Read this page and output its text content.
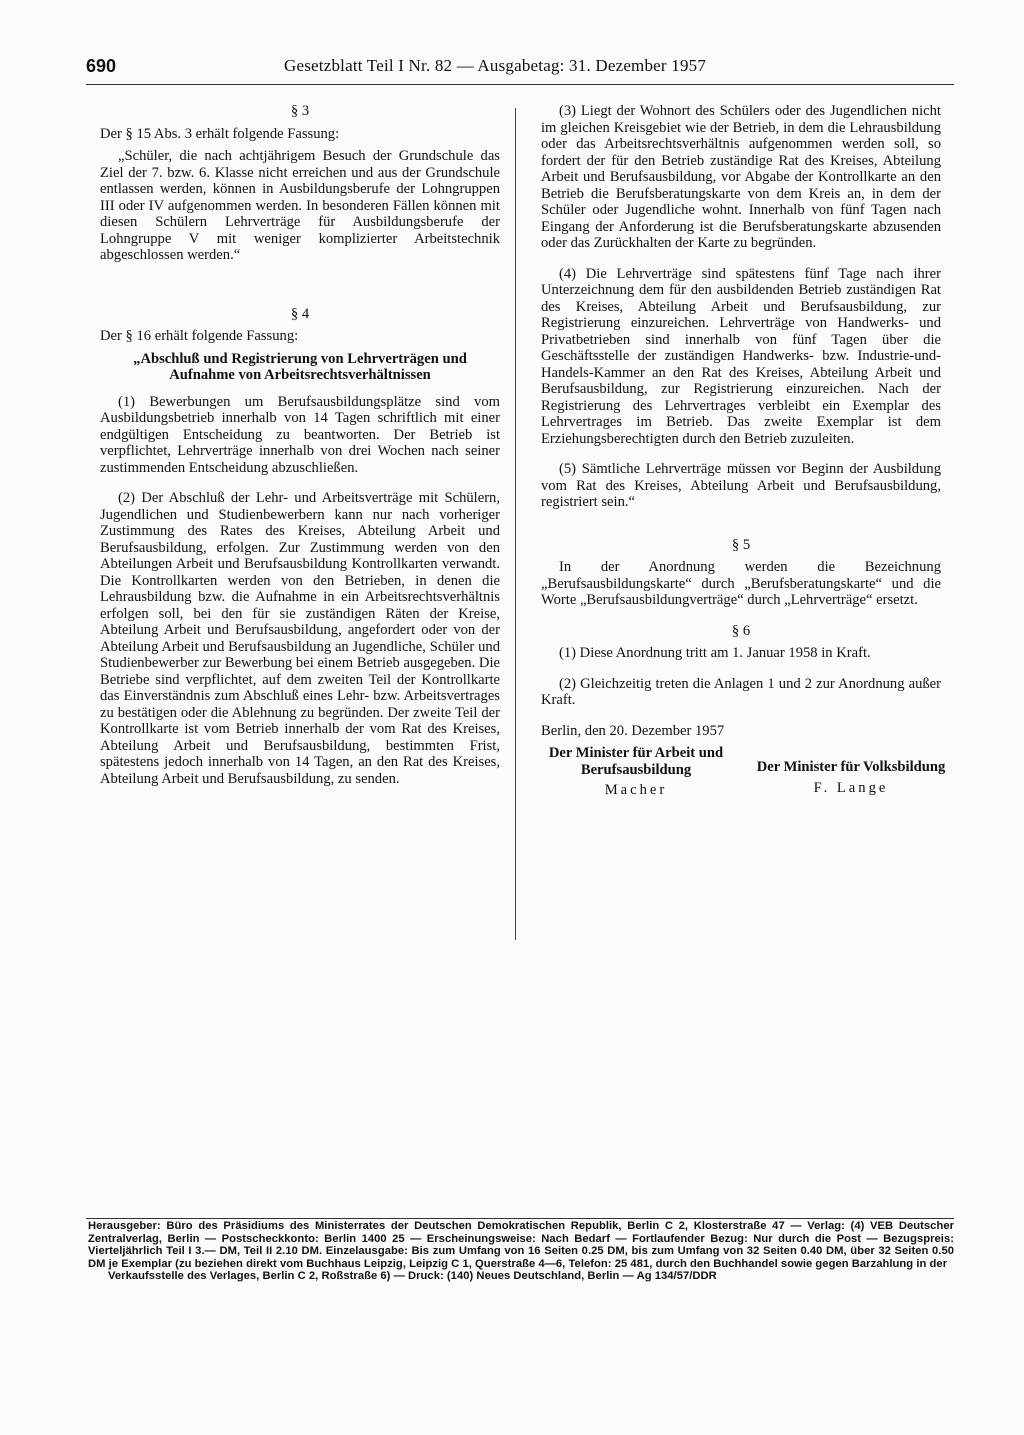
690	Gesetzblatt Teil I Nr. 82 — Ausgabetag: 31. Dezember 1957

§ 3

Der § 15 Abs. 3 erhält folgende Fassung:

„Schüler, die nach achtjährigem Besuch der Grundschule das Ziel der 7. bzw. 6. Klasse nicht erreichen und aus der Grundschule entlassen werden, können in Ausbildungsberufe der Lohngruppen III oder IV aufgenommen werden. In besonderen Fällen können mit diesen Schülern Lehrverträge für Ausbildungsberufe der Lohngruppe V mit weniger komplizierter Arbeitstechnik abgeschlossen werden.“

§ 4

Der § 16 erhält folgende Fassung:

„Abschluß und Registrierung von Lehrverträgen und Aufnahme von Arbeitsrechtsverhältnissen

(1) Bewerbungen um Berufsausbildungsplätze sind vom Ausbildungsbetrieb innerhalb von 14 Tagen schriftlich mit einer endgültigen Entscheidung zu beantworten. Der Betrieb ist verpflichtet, Lehrverträge innerhalb von drei Wochen nach seiner zustimmenden Entscheidung abzuschließen.

(2) Der Abschluß der Lehr- und Arbeitsverträge mit Schülern, Jugendlichen und Studienbewerbern kann nur nach vorheriger Zustimmung des Rates des Kreises, Abteilung Arbeit und Berufsausbildung, erfolgen. Zur Zustimmung werden von den Abteilungen Arbeit und Berufsausbildung Kontrollkarten verwandt. Die Kontrollkarten werden von den Betrieben, in denen die Lehrausbildung bzw. die Aufnahme in ein Arbeitsrechtsverhältnis erfolgen soll, bei den für sie zuständigen Räten der Kreise, Abteilung Arbeit und Berufsausbildung, angefordert oder von der Abteilung Arbeit und Berufsausbildung an Jugendliche, Schüler und Studienbewerber zur Bewerbung bei einem Betrieb ausgegeben. Die Betriebe sind verpflichtet, auf dem zweiten Teil der Kontrollkarte das Einverständnis zum Abschluß eines Lehr- bzw. Arbeitsvertrages zu bestätigen oder die Ablehnung zu begründen. Der zweite Teil der Kontrollkarte ist vom Betrieb innerhalb der vom Rat des Kreises, Abteilung Arbeit und Berufsausbildung, bestimmten Frist, spätestens jedoch innerhalb von 14 Tagen, an den Rat des Kreises, Abteilung Arbeit und Berufsausbildung, zu senden.

(3) Liegt der Wohnort des Schülers oder des Jugendlichen nicht im gleichen Kreisgebiet wie der Betrieb, in dem die Lehrausbildung oder das Arbeitsrechtsverhältnis aufgenommen werden soll, so fordert der für den Betrieb zuständige Rat des Kreises, Abteilung Arbeit und Berufsausbildung, vor Abgabe der Kontrollkarte an den Betrieb die Berufsberatungskarte von dem Kreis an, in dem der Schüler oder Jugendliche wohnt. Innerhalb von fünf Tagen nach Eingang der Anforderung ist die Berufsberatungskarte abzusenden oder das Zurückhalten der Karte zu begründen.

(4) Die Lehrverträge sind spätestens fünf Tage nach ihrer Unterzeichnung dem für den ausbildenden Betrieb zuständigen Rat des Kreises, Abteilung Arbeit und Berufsausbildung, zur Registrierung einzureichen. Lehrverträge von Handwerks- und Privatbetrieben sind innerhalb von fünf Tagen über die Geschäftsstelle der zuständigen Handwerks- bzw. Industrie-und-Handels-Kammer an den Rat des Kreises, Abteilung Arbeit und Berufsausbildung, zur Registrierung einzureichen. Nach der Registrierung des Lehrvertrages verbleibt ein Exemplar des Lehrvertrages im Betrieb. Das zweite Exemplar ist dem Erziehungsberechtigten durch den Betrieb zuzuleiten.

(5) Sämtliche Lehrverträge müssen vor Beginn der Ausbildung vom Rat des Kreises, Abteilung Arbeit und Berufsausbildung, registriert sein.“

§ 5

In der Anordnung werden die Bezeichnung „Berufsausbildungskarte“ durch „Berufsberatungskarte“ und die Worte „Berufsausbildungverträge“ durch „Lehrverträge“ ersetzt.

§ 6

(1) Diese Anordnung tritt am 1. Januar 1958 in Kraft.

(2) Gleichzeitig treten die Anlagen 1 und 2 zur Anordnung außer Kraft.

Berlin, den 20. Dezember 1957

Der Minister für Arbeit und Berufsausbildung
Macher
Der Minister für Volksbildung
F. Lange
Herausgeber: Büro des Präsidiums des Ministerrates der Deutschen Demokratischen Republik, Berlin C 2, Klosterstraße 47 — Verlag: (4) VEB Deutscher Zentralverlag, Berlin — Postscheckkonto: Berlin 1400 25 — Erscheinungsweise: Nach Bedarf — Fortlaufender Bezug: Nur durch die Post — Bezugspreis: Vierteljährlich Teil I 3.— DM, Teil II 2.10 DM. Einzelausgabe: Bis zum Umfang von 16 Seiten 0.25 DM, bis zum Umfang von 32 Seiten 0.40 DM, über 32 Seiten 0.50 DM je Exemplar (zu beziehen direkt vom Buchhaus Leipzig, Leipzig C 1, Querstraße 4—6, Telefon: 25 481, durch den Buchhandel sowie gegen Barzahlung in der
Verkaufsstelle des Verlages, Berlin C 2, Roßstraße 6) — Druck: (140) Neues Deutschland, Berlin — Ag 134/57/DDR
